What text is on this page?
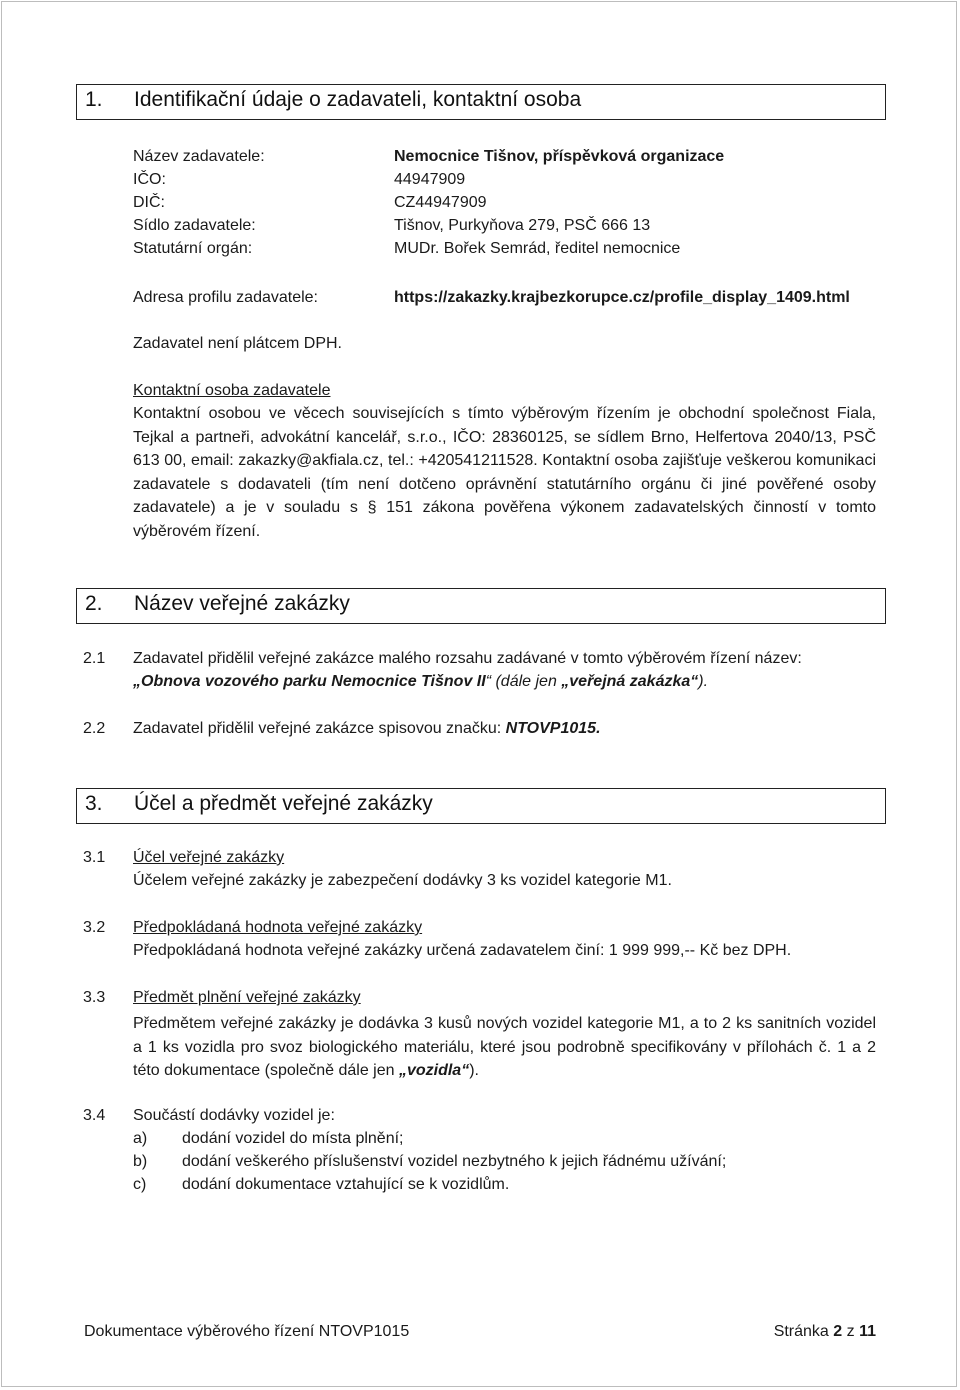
1. Identifikační údaje o zadavateli, kontaktní osoba
Název zadavatele:	Nemocnice Tišnov, příspěvková organizace
IČO:	44947909
DIČ:	CZ44947909
Sídlo zadavatele:	Tišnov, Purkyňova 279, PSČ 666 13
Statutární orgán:	MUDr. Bořek Semrád, ředitel nemocnice
Adresa profilu zadavatele:	https://zakazky.krajbezkorupce.cz/profile_display_1409.html
Zadavatel není plátcem DPH.
Kontaktní osoba zadavatele
Kontaktní osobou ve věcech souvisejících s tímto výběrovým řízením je obchodní společnost Fiala, Tejkal a partneři, advokátní kancelář, s.r.o., IČO: 28360125, se sídlem Brno, Helfertova 2040/13, PSČ 613 00, email: zakazky@akfiala.cz, tel.: +420541211528. Kontaktní osoba zajišťuje veškerou komunikaci zadavatele s dodavateli (tím není dotčeno oprávnění statutárního orgánu či jiné pověřené osoby zadavatele) a je v souladu s § 151 zákona pověřena výkonem zadavatelských činností v tomto výběrovém řízení.
2. Název veřejné zakázky
2.1 Zadavatel přidělil veřejné zakázce malého rozsahu zadávané v tomto výběrovém řízení název:
„Obnova vozového parku Nemocnice Tišnov II“ (dále jen „veřejná zakázka“).
2.2 Zadavatel přidělil veřejné zakázce spisovou značku: NTOVP1015.
3. Účel a předmět veřejné zakázky
3.1 Účel veřejné zakázky
Účelem veřejné zakázky je zabezpečení dodávky 3 ks vozidel kategorie M1.
3.2 Předpokládaná hodnota veřejné zakázky
Předpokládaná hodnota veřejné zakázky určená zadavatelem činí: 1 999 999,-- Kč bez DPH.
3.3 Předmět plnění veřejné zakázky
Předmětem veřejné zakázky je dodávka 3 kusů nových vozidel kategorie M1, a to 2 ks sanitních vozidel a 1 ks vozidla pro svoz biologického materiálu, které jsou podrobně specifikovány v přílohách č. 1 a 2 této dokumentace (společně dále jen „vozidla“).
3.4 Součástí dodávky vozidel je:
a) dodání vozidel do místa plnění;
b) dodání veškerého příslušenství vozidel nezbytného k jejich řádnému užívání;
c) dodání dokumentace vztahující se k vozidlům.
Dokumentace výběrového řízení NTOVP1015	Stránka 2 z 11
